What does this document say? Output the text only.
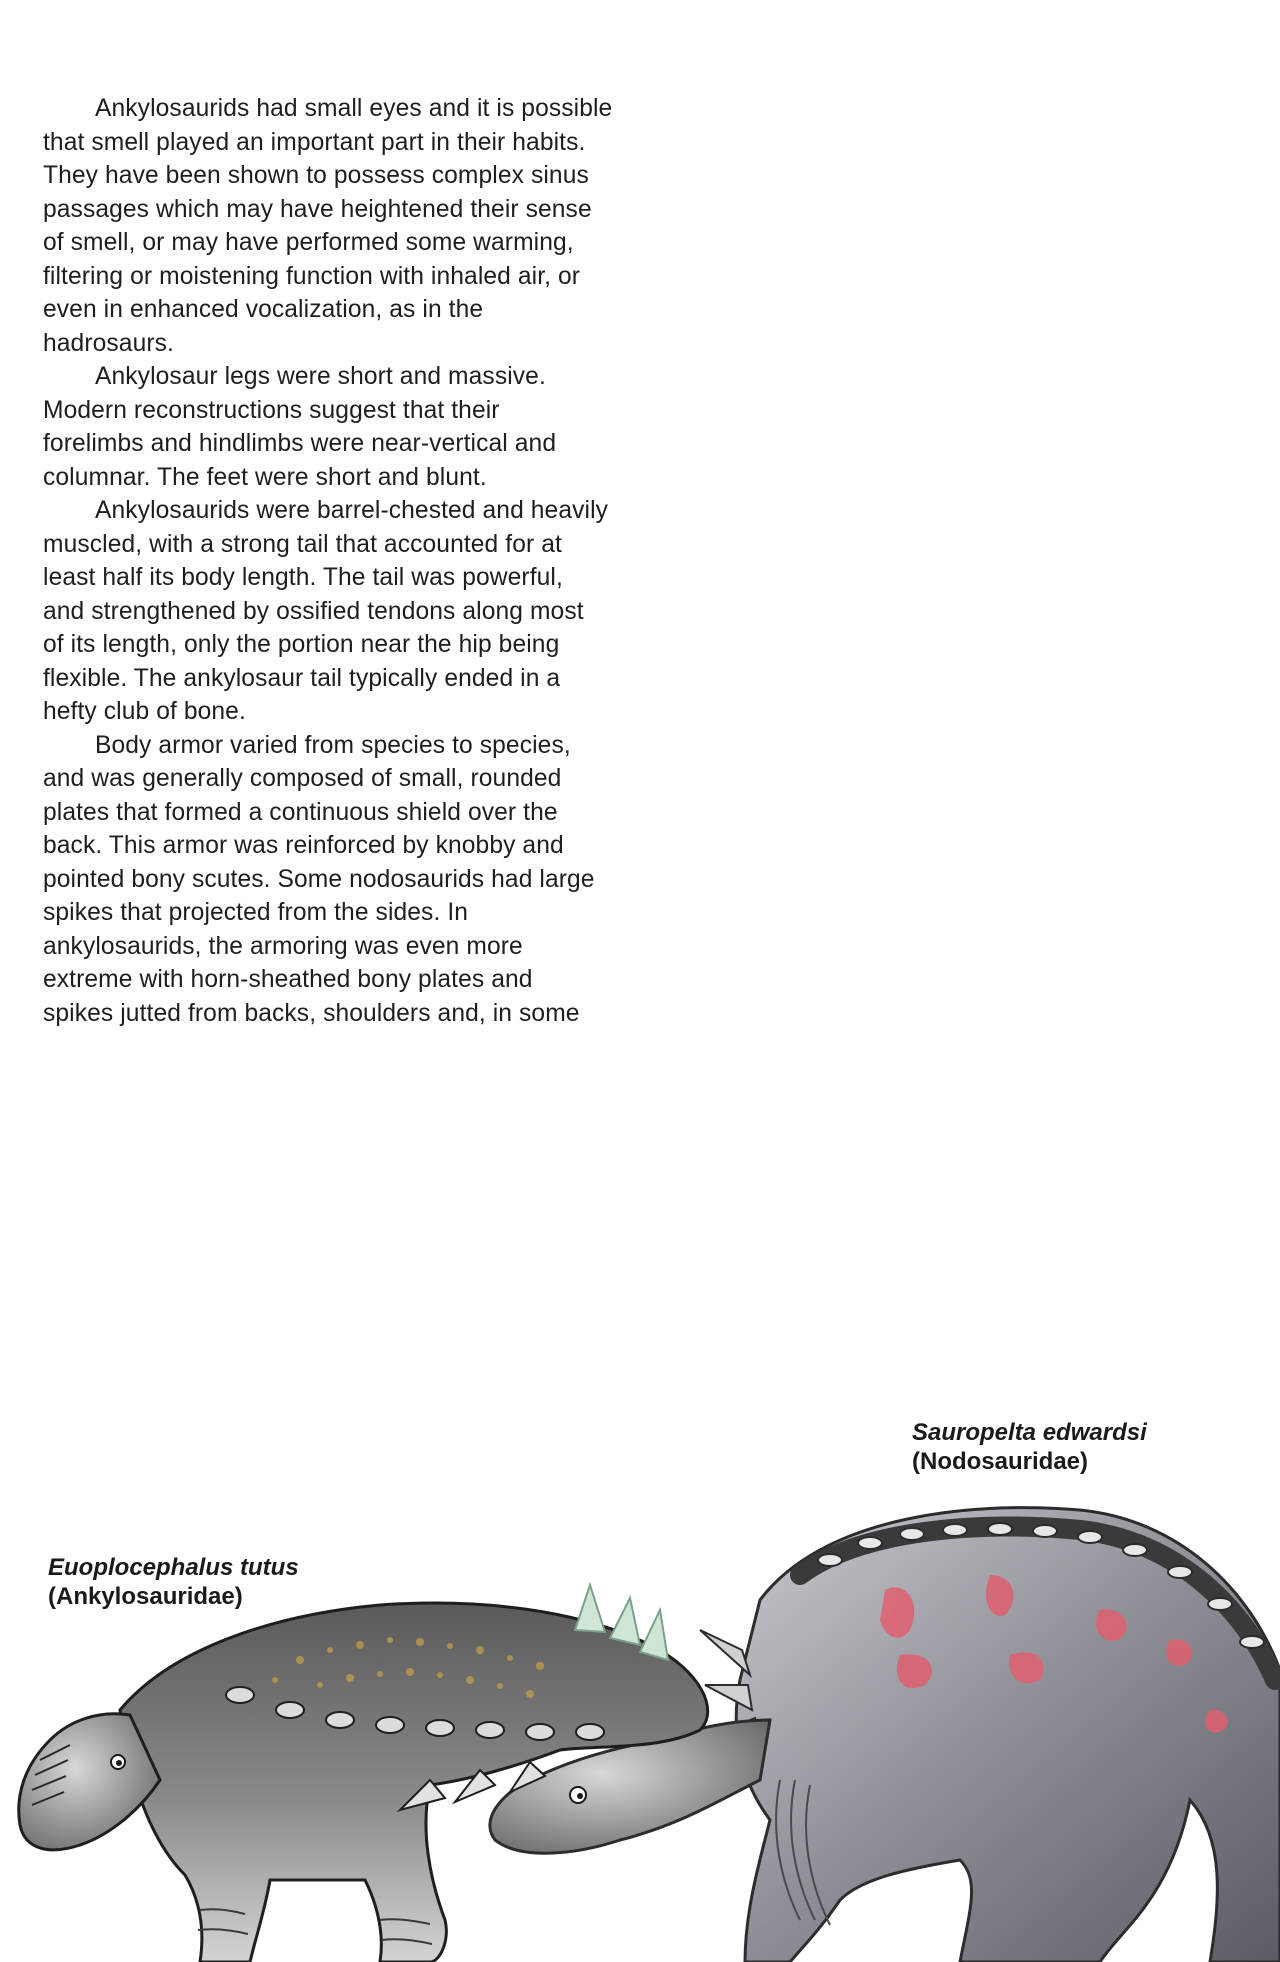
Ankylosaurids had small eyes and it is possible
that smell played an important part in their habits.
They have been shown to possess complex sinus
passages which may have heightened their sense
of smell, or may have performed some warming,
filtering or moistening function with inhaled air, or
even in enhanced vocalization, as in the
hadrosaurs.
Ankylosaur legs were short and massive.
Modern reconstructions suggest that their
forelimbs and hindlimbs were near-vertical and
columnar. The feet were short and blunt.
Ankylosaurids were barrel-chested and heavily
muscled, with a strong tail that accounted for at
least half its body length. The tail was powerful,
and strengthened by ossified tendons along most
of its length, only the portion near the hip being
flexible. The ankylosaur tail typically ended in a
hefty club of bone.
Body armor varied from species to species,
and was generally composed of small, rounded
plates that formed a continuous shield over the
back. This armor was reinforced by knobby and
pointed bony scutes. Some nodosaurids had large
spikes that projected from the sides. In
ankylosaurids, the armoring was even more
extreme with horn-sheathed bony plates and
spikes jutted from backs, shoulders and, in some
Sauropelta edwardsi
(Nodosauridae)
Euoplocephalus tutus
(Ankylosauridae)
